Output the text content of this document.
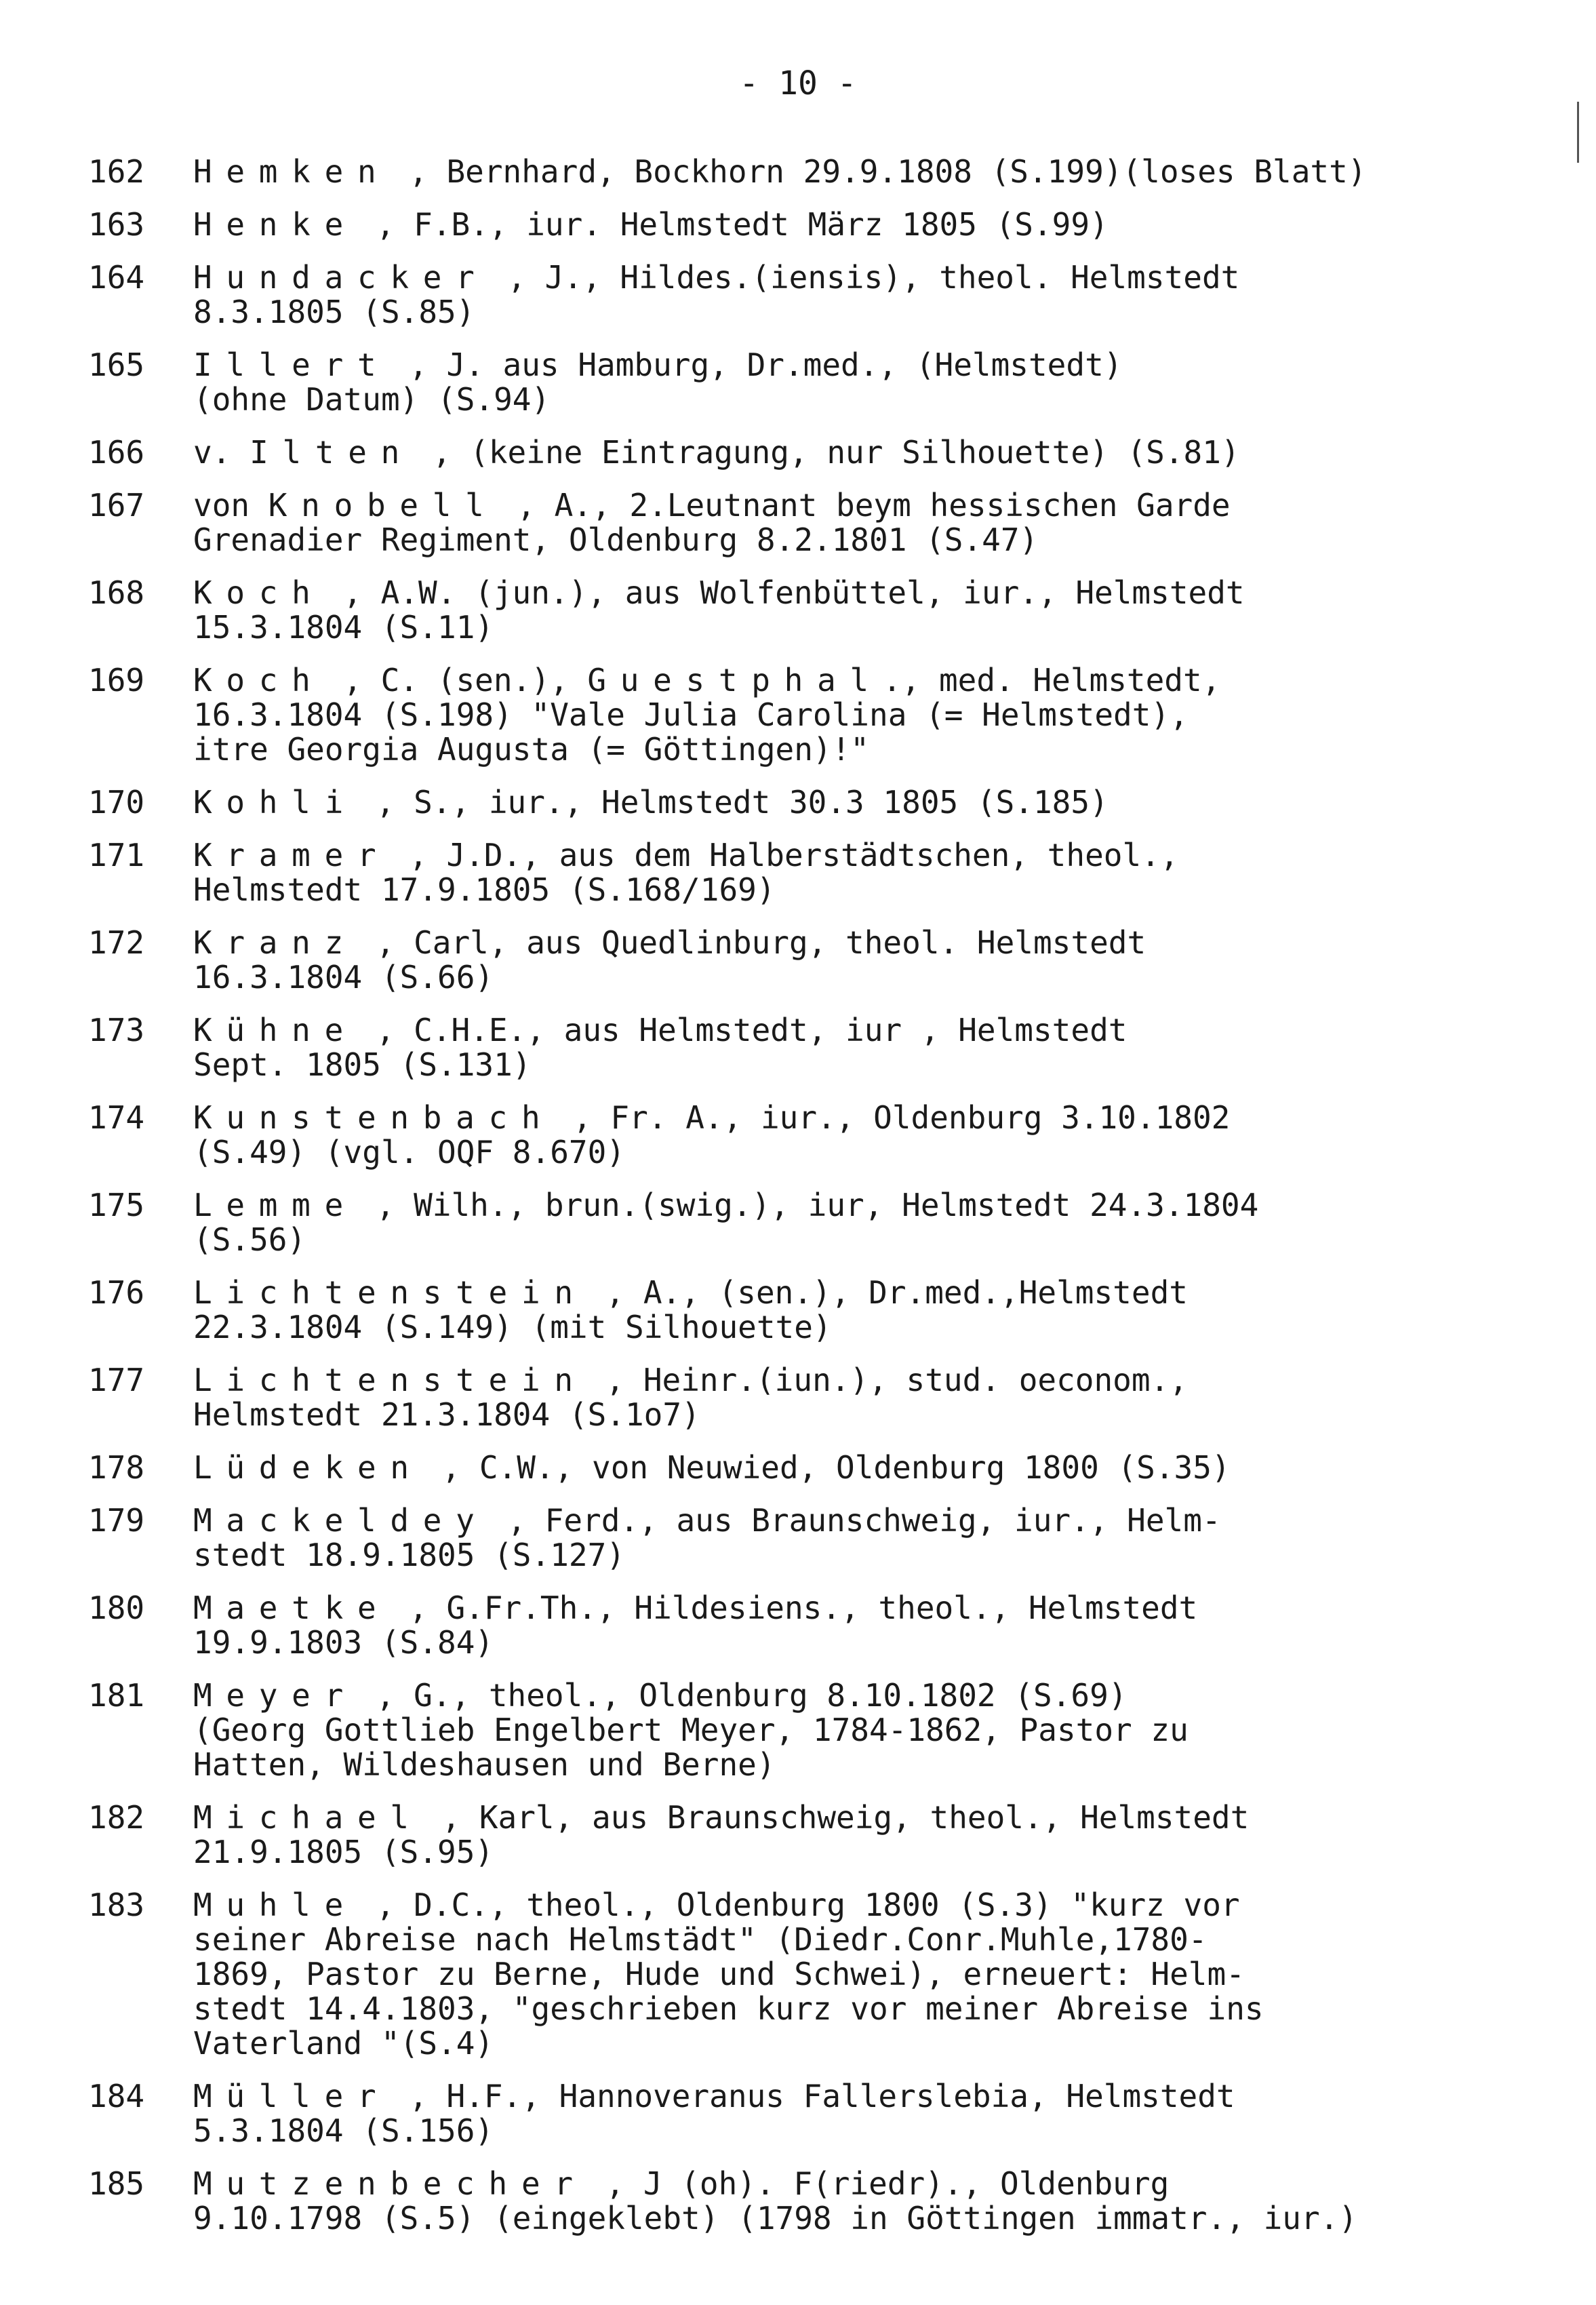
- 10 -
162	Hemken , Bernhard, Bockhorn 29.9.1808 (S.199)(loses Blatt)
163	Henke , F.B., iur. Helmstedt März 1805 (S.99)
164	Hundacker , J., Hildes.(iensis), theol. Helmstedt
8.3.1805 (S.85)
165	Illert , J. aus Hamburg, Dr.med., (Helmstedt)
(ohne Datum) (S.94)
166	v. Ilten , (keine Eintragung, nur Silhouette) (S.81)
167	von Knobell , A., 2.Leutnant beym hessischen Garde
Grenadier Regiment, Oldenburg 8.2.1801 (S.47)
168	Koch , A.W. (jun.), aus Wolfenbüttel, iur., Helmstedt
15.3.1804 (S.11)
169	Koch , C. (sen.), Guestphal., med. Helmstedt,
16.3.1804 (S.198) "Vale Julia Carolina (= Helmstedt),
itre Georgia Augusta (= Göttingen)!"
170	Kohli , S., iur., Helmstedt 30.3 1805 (S.185)
171	Kramer , J.D., aus dem Halberstädtschen, theol.,
Helmstedt 17.9.1805 (S.168/169)
172	Kranz , Carl, aus Quedlinburg, theol. Helmstedt
16.3.1804 (S.66)
173	Kühne , C.H.E., aus Helmstedt, iur , Helmstedt
Sept. 1805 (S.131)
174	Kunstenbach , Fr. A., iur., Oldenburg 3.10.1802
(S.49) (vgl. OQF 8.670)
175	Lemme , Wilh., brun.(swig.), iur, Helmstedt 24.3.1804
(S.56)
176	Lichtenstein , A., (sen.), Dr.med.,Helmstedt
22.3.1804 (S.149) (mit Silhouette)
177	Lichtenstein , Heinr.(iun.), stud. oeconom.,
Helmstedt 21.3.1804 (S.1o7)
178	Lüdeken , C.W., von Neuwied, Oldenburg 1800 (S.35)
179	Mackeldey , Ferd., aus Braunschweig, iur., Helm-
stedt 18.9.1805 (S.127)
180	Maetke , G.Fr.Th., Hildesiens., theol., Helmstedt
19.9.1803 (S.84)
181	Meyer , G., theol., Oldenburg 8.10.1802 (S.69)
(Georg Gottlieb Engelbert Meyer, 1784-1862, Pastor zu
Hatten, Wildeshausen und Berne)
182	Michael , Karl, aus Braunschweig, theol., Helmstedt
21.9.1805 (S.95)
183	Muhle , D.C., theol., Oldenburg 1800 (S.3) "kurz vor
seiner Abreise nach Helmstädt" (Diedr.Conr.Muhle,1780-
1869, Pastor zu Berne, Hude und Schwei), erneuert: Helm-
stedt 14.4.1803, "geschrieben kurz vor meiner Abreise ins
Vaterland "(S.4)
184	Müller , H.F., Hannoveranus Fallerslebia, Helmstedt
5.3.1804 (S.156)
185	Mutzenbecher , J (oh). F(riedr)., Oldenburg
9.10.1798 (S.5) (eingeklebt) (1798 in Göttingen immatr., iur.)
